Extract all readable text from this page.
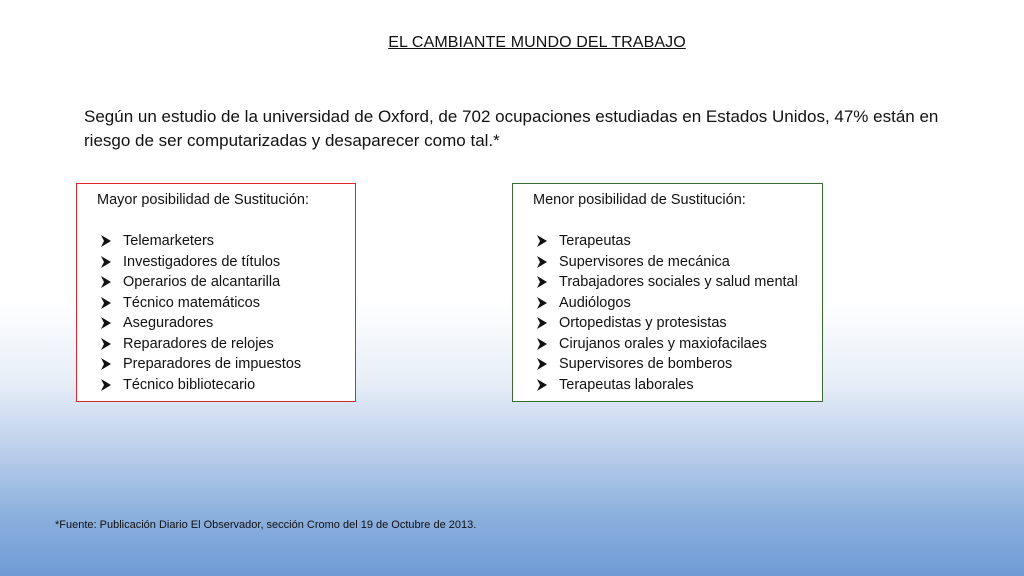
EL CAMBIANTE MUNDO DEL TRABAJO

Según un estudio de la universidad de Oxford, de 702 ocupaciones estudiadas en Estados Unidos, 47% están en riesgo de ser computarizadas y desaparecer como tal.*

Mayor posibilidad de Sustitución:
Telemarketers
Investigadores de títulos
Operarios de alcantarilla
Técnico matemáticos
Aseguradores
Reparadores de relojes
Preparadores de impuestos
Técnico bibliotecario
Menor posibilidad de Sustitución:
Terapeutas
Supervisores de mecánica
Trabajadores sociales y salud mental
Audiólogos
Ortopedistas y protesistas
Cirujanos orales y maxiofacilaes
Supervisores de bomberos
Terapeutas laborales
*Fuente: Publicación Diario El Observador, sección Cromo del 19 de Octubre de 2013.
